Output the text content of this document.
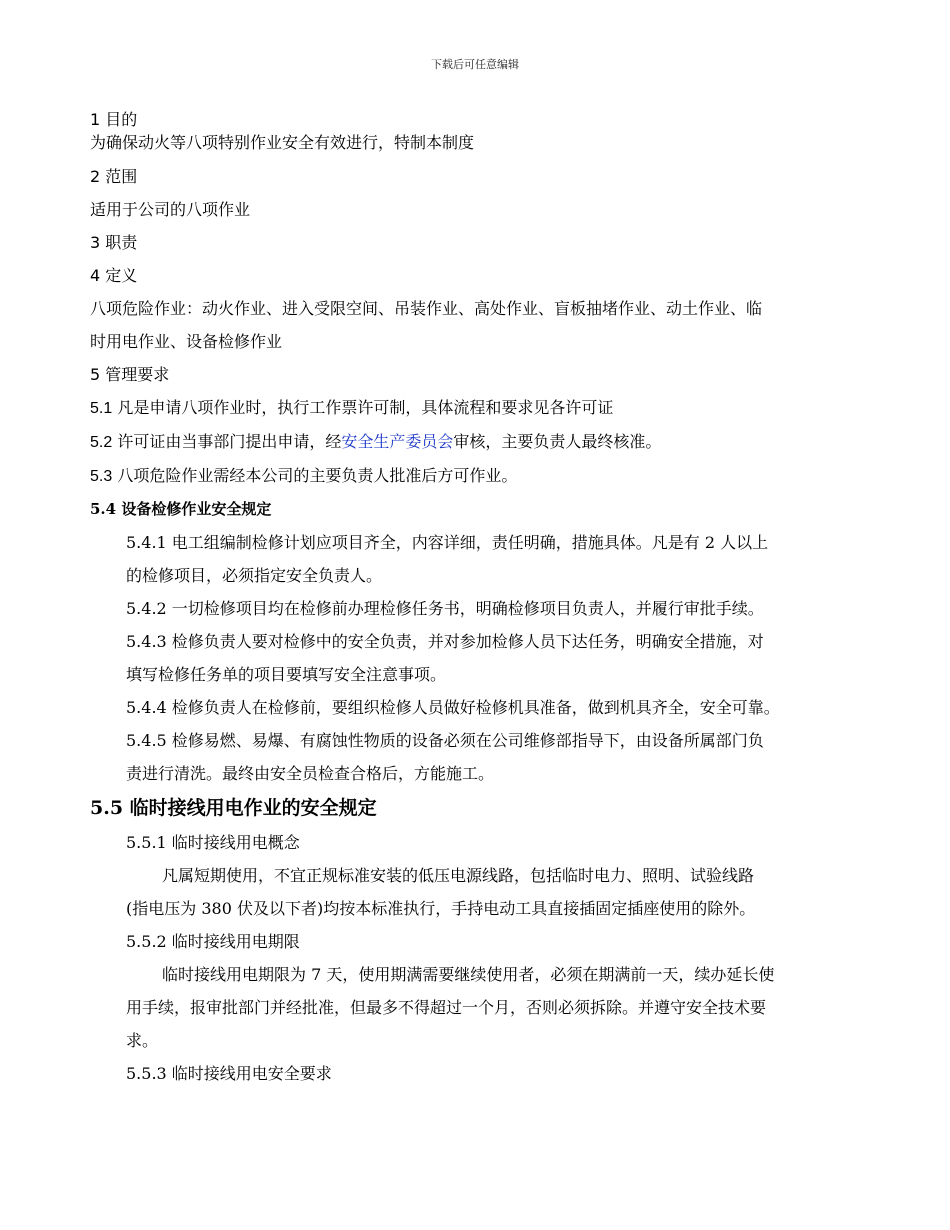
下载后可任意编辑
1 目的
为确保动火等八项特别作业安全有效进行，特制本制度
2 范围
适用于公司的八项作业
3 职责
4 定义
八项危险作业：动火作业、进入受限空间、吊装作业、高处作业、盲板抽堵作业、动土作业、临
时用电作业、设备检修作业
5 管理要求
5.1 凡是申请八项作业时，执行工作票许可制，具体流程和要求见各许可证
5.2 许可证由当事部门提出申请，经安全生产委员会审核，主要负责人最终核准。
5.3 八项危险作业需经本公司的主要负责人批准后方可作业。
5.4 设备检修作业安全规定
5.4.1 电工组编制检修计划应项目齐全，内容详细，责任明确，措施具体。凡是有 2 人以上
的检修项目，必须指定安全负责人。
5.4.2 一切检修项目均在检修前办理检修任务书，明确检修项目负责人，并履行审批手续。
5.4.3 检修负责人要对检修中的安全负责，并对参加检修人员下达任务，明确安全措施，对
填写检修任务单的项目要填写安全注意事项。
5.4.4 检修负责人在检修前，要组织检修人员做好检修机具准备，做到机具齐全，安全可靠。
5.4.5 检修易燃、易爆、有腐蚀性物质的设备必须在公司维修部指导下，由设备所属部门负
责进行清洗。最终由安全员检查合格后，方能施工。
5.5 临时接线用电作业的安全规定
5.5.1 临时接线用电概念
凡属短期使用，不宜正规标准安装的低压电源线路，包括临时电力、照明、试验线路
(指电压为 380 伏及以下者)均按本标准执行，手持电动工具直接插固定插座使用的除外。
5.5.2 临时接线用电期限
临时接线用电期限为 7 天，使用期满需要继续使用者，必须在期满前一天，续办延长使
用手续，报审批部门并经批准，但最多不得超过一个月，否则必须拆除。并遵守安全技术要
求。
5.5.3 临时接线用电安全要求
